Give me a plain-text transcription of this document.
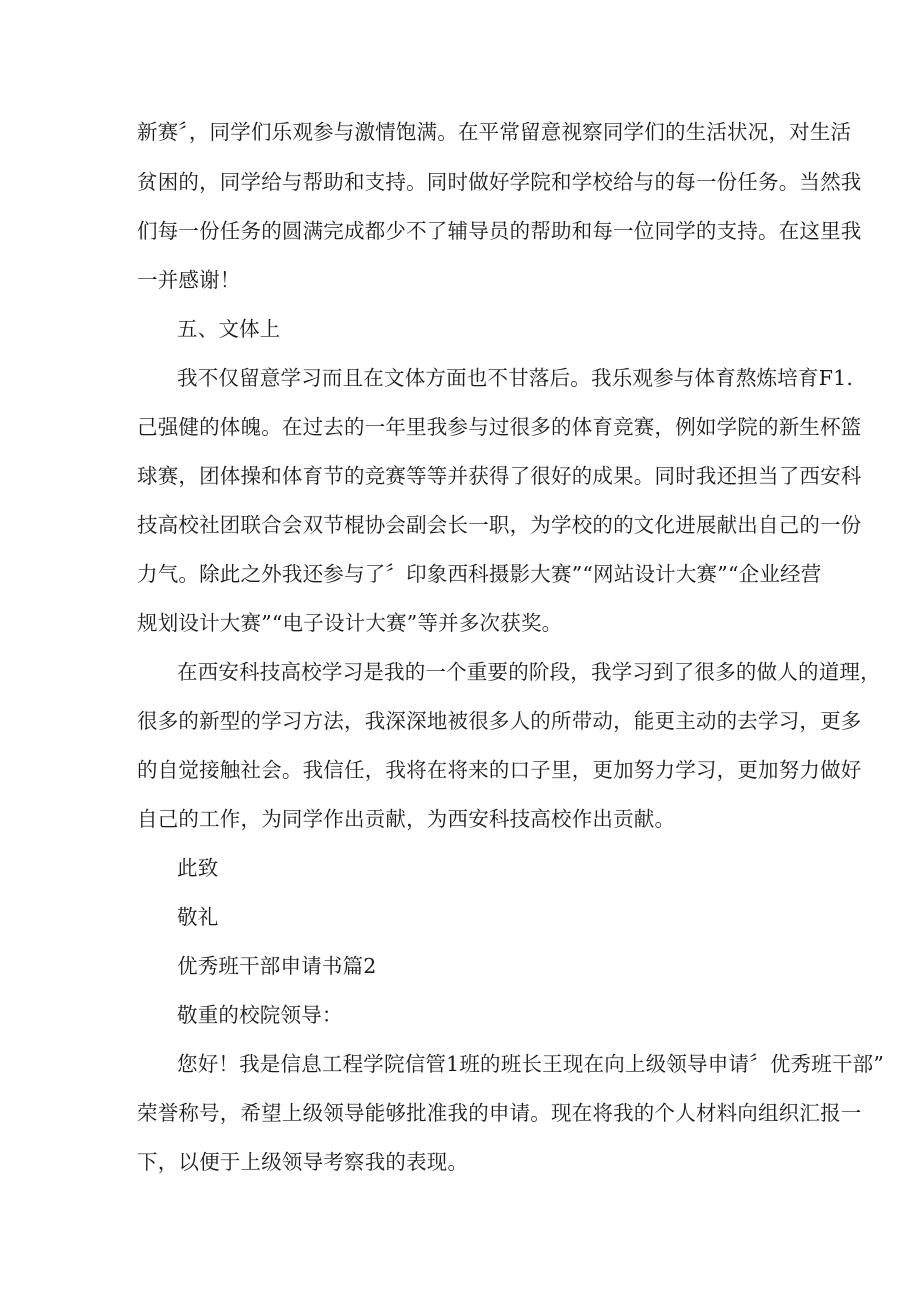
新赛〞，同学们乐观参与激情饱满。在平常留意视察同学们的生活状况，对生活
贫困的，同学给与帮助和支持。同时做好学院和学校给与的每一份任务。当然我
们每一份任务的圆满完成都少不了辅导员的帮助和每一位同学的支持。在这里我
一并感谢！
五、文体上
我不仅留意学习而且在文体方面也不甘落后。我乐观参与体育熬炼培育F1.
己强健的体魄。在过去的一年里我参与过很多的体育竞赛，例如学院的新生杯篮
球赛，团体操和体育节的竞赛等等并获得了很好的成果。同时我还担当了西安科
技高校社团联合会双节棍协会副会长一职，为学校的的文化进展献出自己的一份
力气。除此之外我还参与了〞印象西科摄影大赛”“网站设计大赛”“企业经营
规划设计大赛”“电子设计大赛”等并多次获奖。
在西安科技高校学习是我的一个重要的阶段，我学习到了很多的做人的道理，
很多的新型的学习方法，我深深地被很多人的所带动，能更主动的去学习，更多
的自觉接触社会。我信任，我将在将来的口子里，更加努力学习，更加努力做好
自己的工作，为同学作出贡献，为西安科技高校作出贡献。
此致
敬礼
优秀班干部申请书篇2
敬重的校院领导：
您好！我是信息工程学院信管1班的班长王现在向上级领导申请〞优秀班干部”
荣誉称号，希望上级领导能够批准我的申请。现在将我的个人材料向组织汇报一
下，以便于上级领导考察我的表现。
